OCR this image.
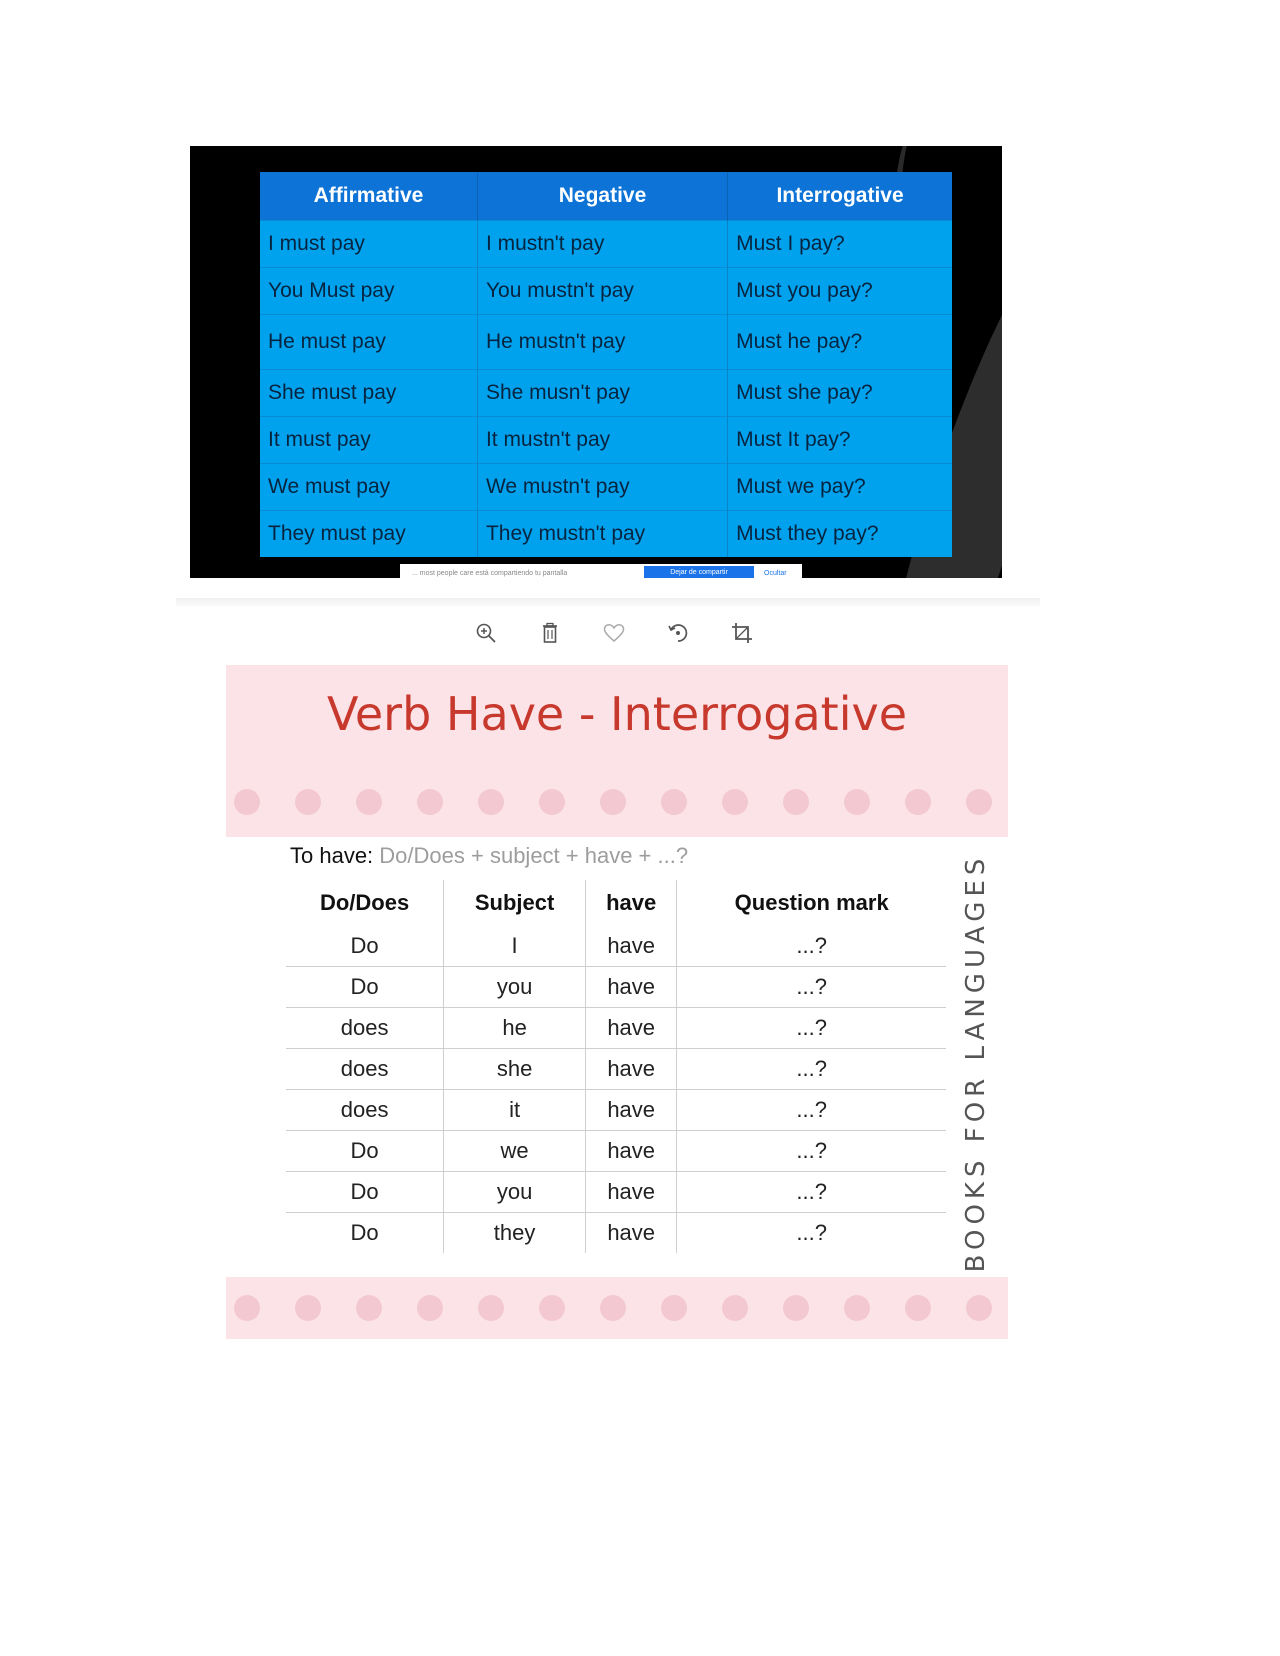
Affirmative	Negative	Interrogative
I must pay	I mustn't pay	Must I pay?
You Must pay	You mustn't pay	Must you pay?
He must pay	He mustn't pay	Must he pay?
She must pay	She musn't pay	Must she pay?
It must pay	It mustn't pay	Must It pay?
We must pay	We mustn't pay	Must we pay?
They must pay	They mustn't pay	Must they pay?
... most people care está compartiendo tu pantalla	Dejar de compartir	Ocultar
Verb Have - Interrogative
To have: Do/Does + subject + have + ...?
Do/Does	Subject	have	Question mark
Do	I	have	...?
Do	you	have	...?
does	he	have	...?
does	she	have	...?
does	it	have	...?
Do	we	have	...?
Do	you	have	...?
Do	they	have	...?	BOOKS FOR LANGUAGES
